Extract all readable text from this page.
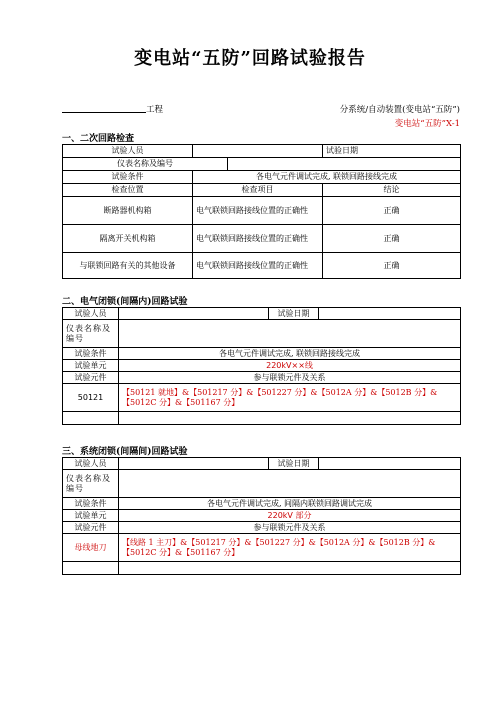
变电站“五防”回路试验报告
工程	分系统/自动装置(变电站“五防”)
变电站“五防”X-1
一、二次回路检查
试验人员			试验日期
仪表名称及编号			
试验条件	各电气元件调试完成, 联锁回路接线完成		
检查位置	检查项目		结论
断路器机构箱	电气联锁回路接线位置的正确性		正确
隔离开关机构箱	电气联锁回路接线位置的正确性		正确
与联锁回路有关的其他设备	电气联锁回路接线位置的正确性		正确
二、电气闭锁(间隔内)回路试验
试验人员		试验日期	
仪表名称及编号			
试验条件	各电气元件调试完成, 联锁回路接线完成		
试验单元	220kV××线		
试验元件	参与联锁元件及关系		
50121	【50121 就地】&【501217 分】&【501227 分】&【5012A 分】&【5012B 分】&【5012C 分】&【501167 分】		

三、系统闭锁(间隔间)回路试验
试验人员		试验日期	
仪表名称及编号			
试验条件	各电气元件调试完成, 间隔内联锁回路调试完成		
试验单元	220kV 部分		
试验元件	参与联锁元件及关系		
母线地刀	【线路 1 主刀】&【501217 分】&【501227 分】&【5012A 分】&【5012B 分】&【5012C 分】&【501167 分】		
